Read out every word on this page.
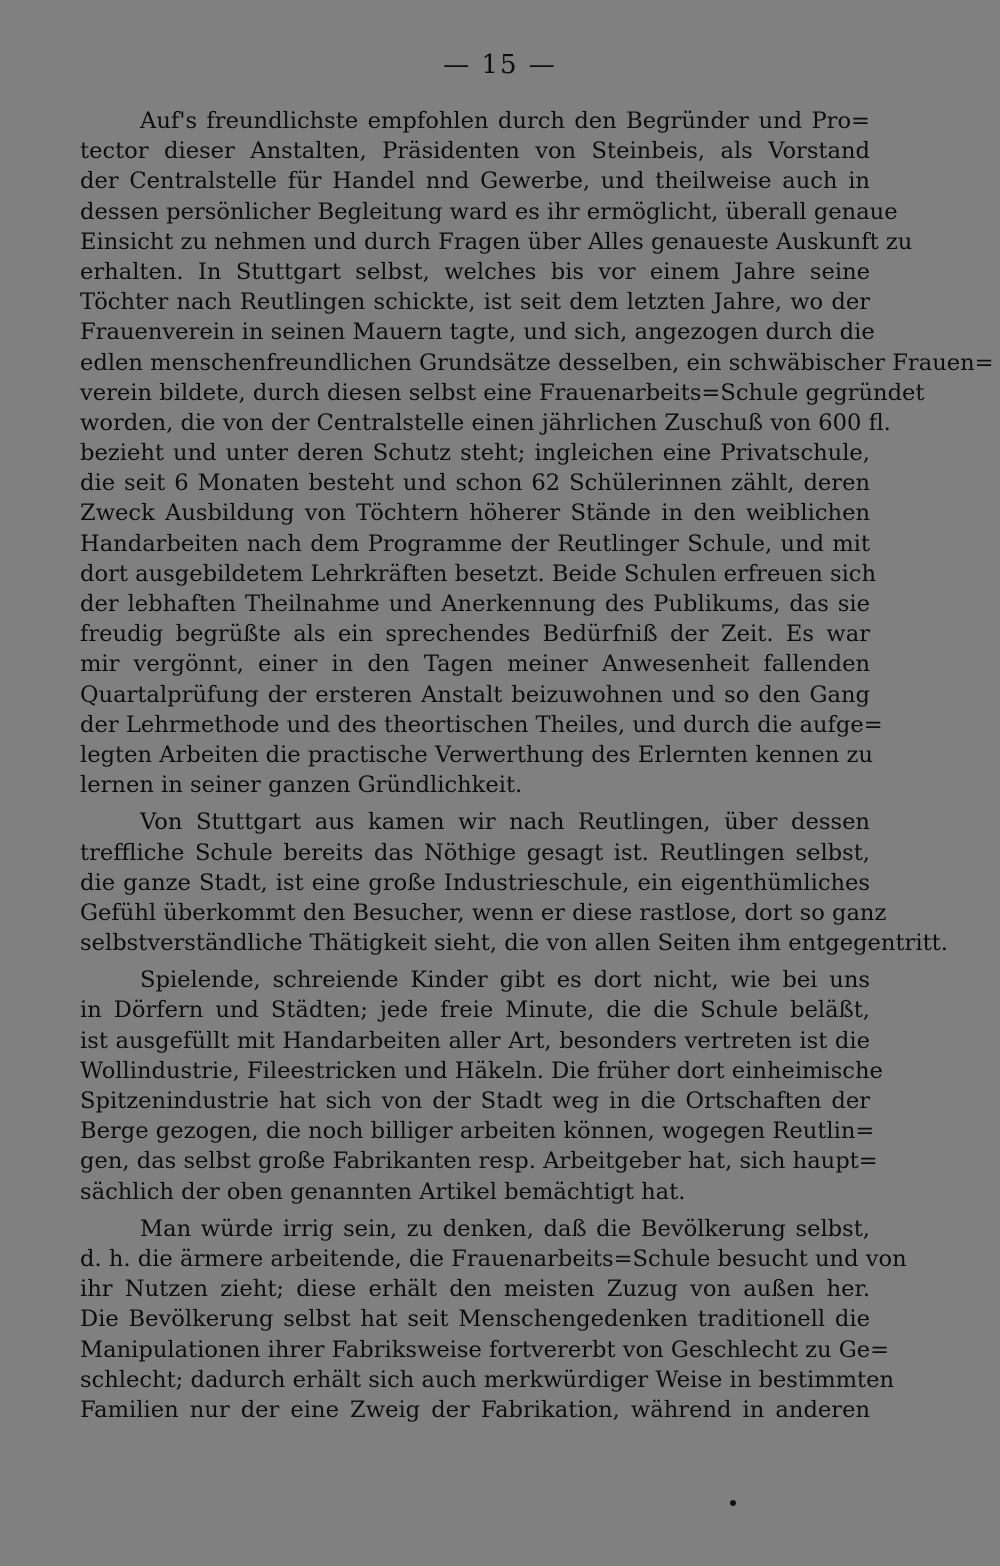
— 15 —

Auf's freundlichste empfohlen durch den Begründer und Pro=
tector dieser Anstalten, Präsidenten von Steinbeis, als Vorstand
der Centralstelle für Handel nnd Gewerbe, und theilweise auch in
dessen persönlicher Begleitung ward es ihr ermöglicht, überall genaue
Einsicht zu nehmen und durch Fragen über Alles genaueste Auskunft zu
erhalten. In Stuttgart selbst, welches bis vor einem Jahre seine
Töchter nach Reutlingen schickte, ist seit dem letzten Jahre, wo der
Frauenverein in seinen Mauern tagte, und sich, angezogen durch die
edlen menschenfreundlichen Grundsätze desselben, ein schwäbischer Frauen=
verein bildete, durch diesen selbst eine Frauenarbeits=Schule gegründet
worden, die von der Centralstelle einen jährlichen Zuschuß von 600 fl.
bezieht und unter deren Schutz steht; ingleichen eine Privatschule,
die seit 6 Monaten besteht und schon 62 Schülerinnen zählt, deren
Zweck Ausbildung von Töchtern höherer Stände in den weiblichen
Handarbeiten nach dem Programme der Reutlinger Schule, und mit
dort ausgebildetem Lehrkräften besetzt. Beide Schulen erfreuen sich
der lebhaften Theilnahme und Anerkennung des Publikums, das sie
freudig begrüßte als ein sprechendes Bedürfniß der Zeit. Es war
mir vergönnt, einer in den Tagen meiner Anwesenheit fallenden
Quartalprüfung der ersteren Anstalt beizuwohnen und so den Gang
der Lehrmethode und des theortischen Theiles, und durch die aufge=
legten Arbeiten die practische Verwerthung des Erlernten kennen zu
lernen in seiner ganzen Gründlichkeit.

Von Stuttgart aus kamen wir nach Reutlingen, über dessen
treffliche Schule bereits das Nöthige gesagt ist. Reutlingen selbst,
die ganze Stadt, ist eine große Industrieschule, ein eigenthümliches
Gefühl überkommt den Besucher, wenn er diese rastlose, dort so ganz
selbstverständliche Thätigkeit sieht, die von allen Seiten ihm entgegentritt.

Spielende, schreiende Kinder gibt es dort nicht, wie bei uns
in Dörfern und Städten; jede freie Minute, die die Schule beläßt,
ist ausgefüllt mit Handarbeiten aller Art, besonders vertreten ist die
Wollindustrie, Fileestricken und Häkeln. Die früher dort einheimische
Spitzenindustrie hat sich von der Stadt weg in die Ortschaften der
Berge gezogen, die noch billiger arbeiten können, wogegen Reutlin=
gen, das selbst große Fabrikanten resp. Arbeitgeber hat, sich haupt=
sächlich der oben genannten Artikel bemächtigt hat.

Man würde irrig sein, zu denken, daß die Bevölkerung selbst,
d. h. die ärmere arbeitende, die Frauenarbeits=Schule besucht und von
ihr Nutzen zieht; diese erhält den meisten Zuzug von außen her.
Die Bevölkerung selbst hat seit Menschengedenken traditionell die
Manipulationen ihrer Fabriksweise fortvererbt von Geschlecht zu Ge=
schlecht; dadurch erhält sich auch merkwürdiger Weise in bestimmten
Familien nur der eine Zweig der Fabrikation, während in anderen
